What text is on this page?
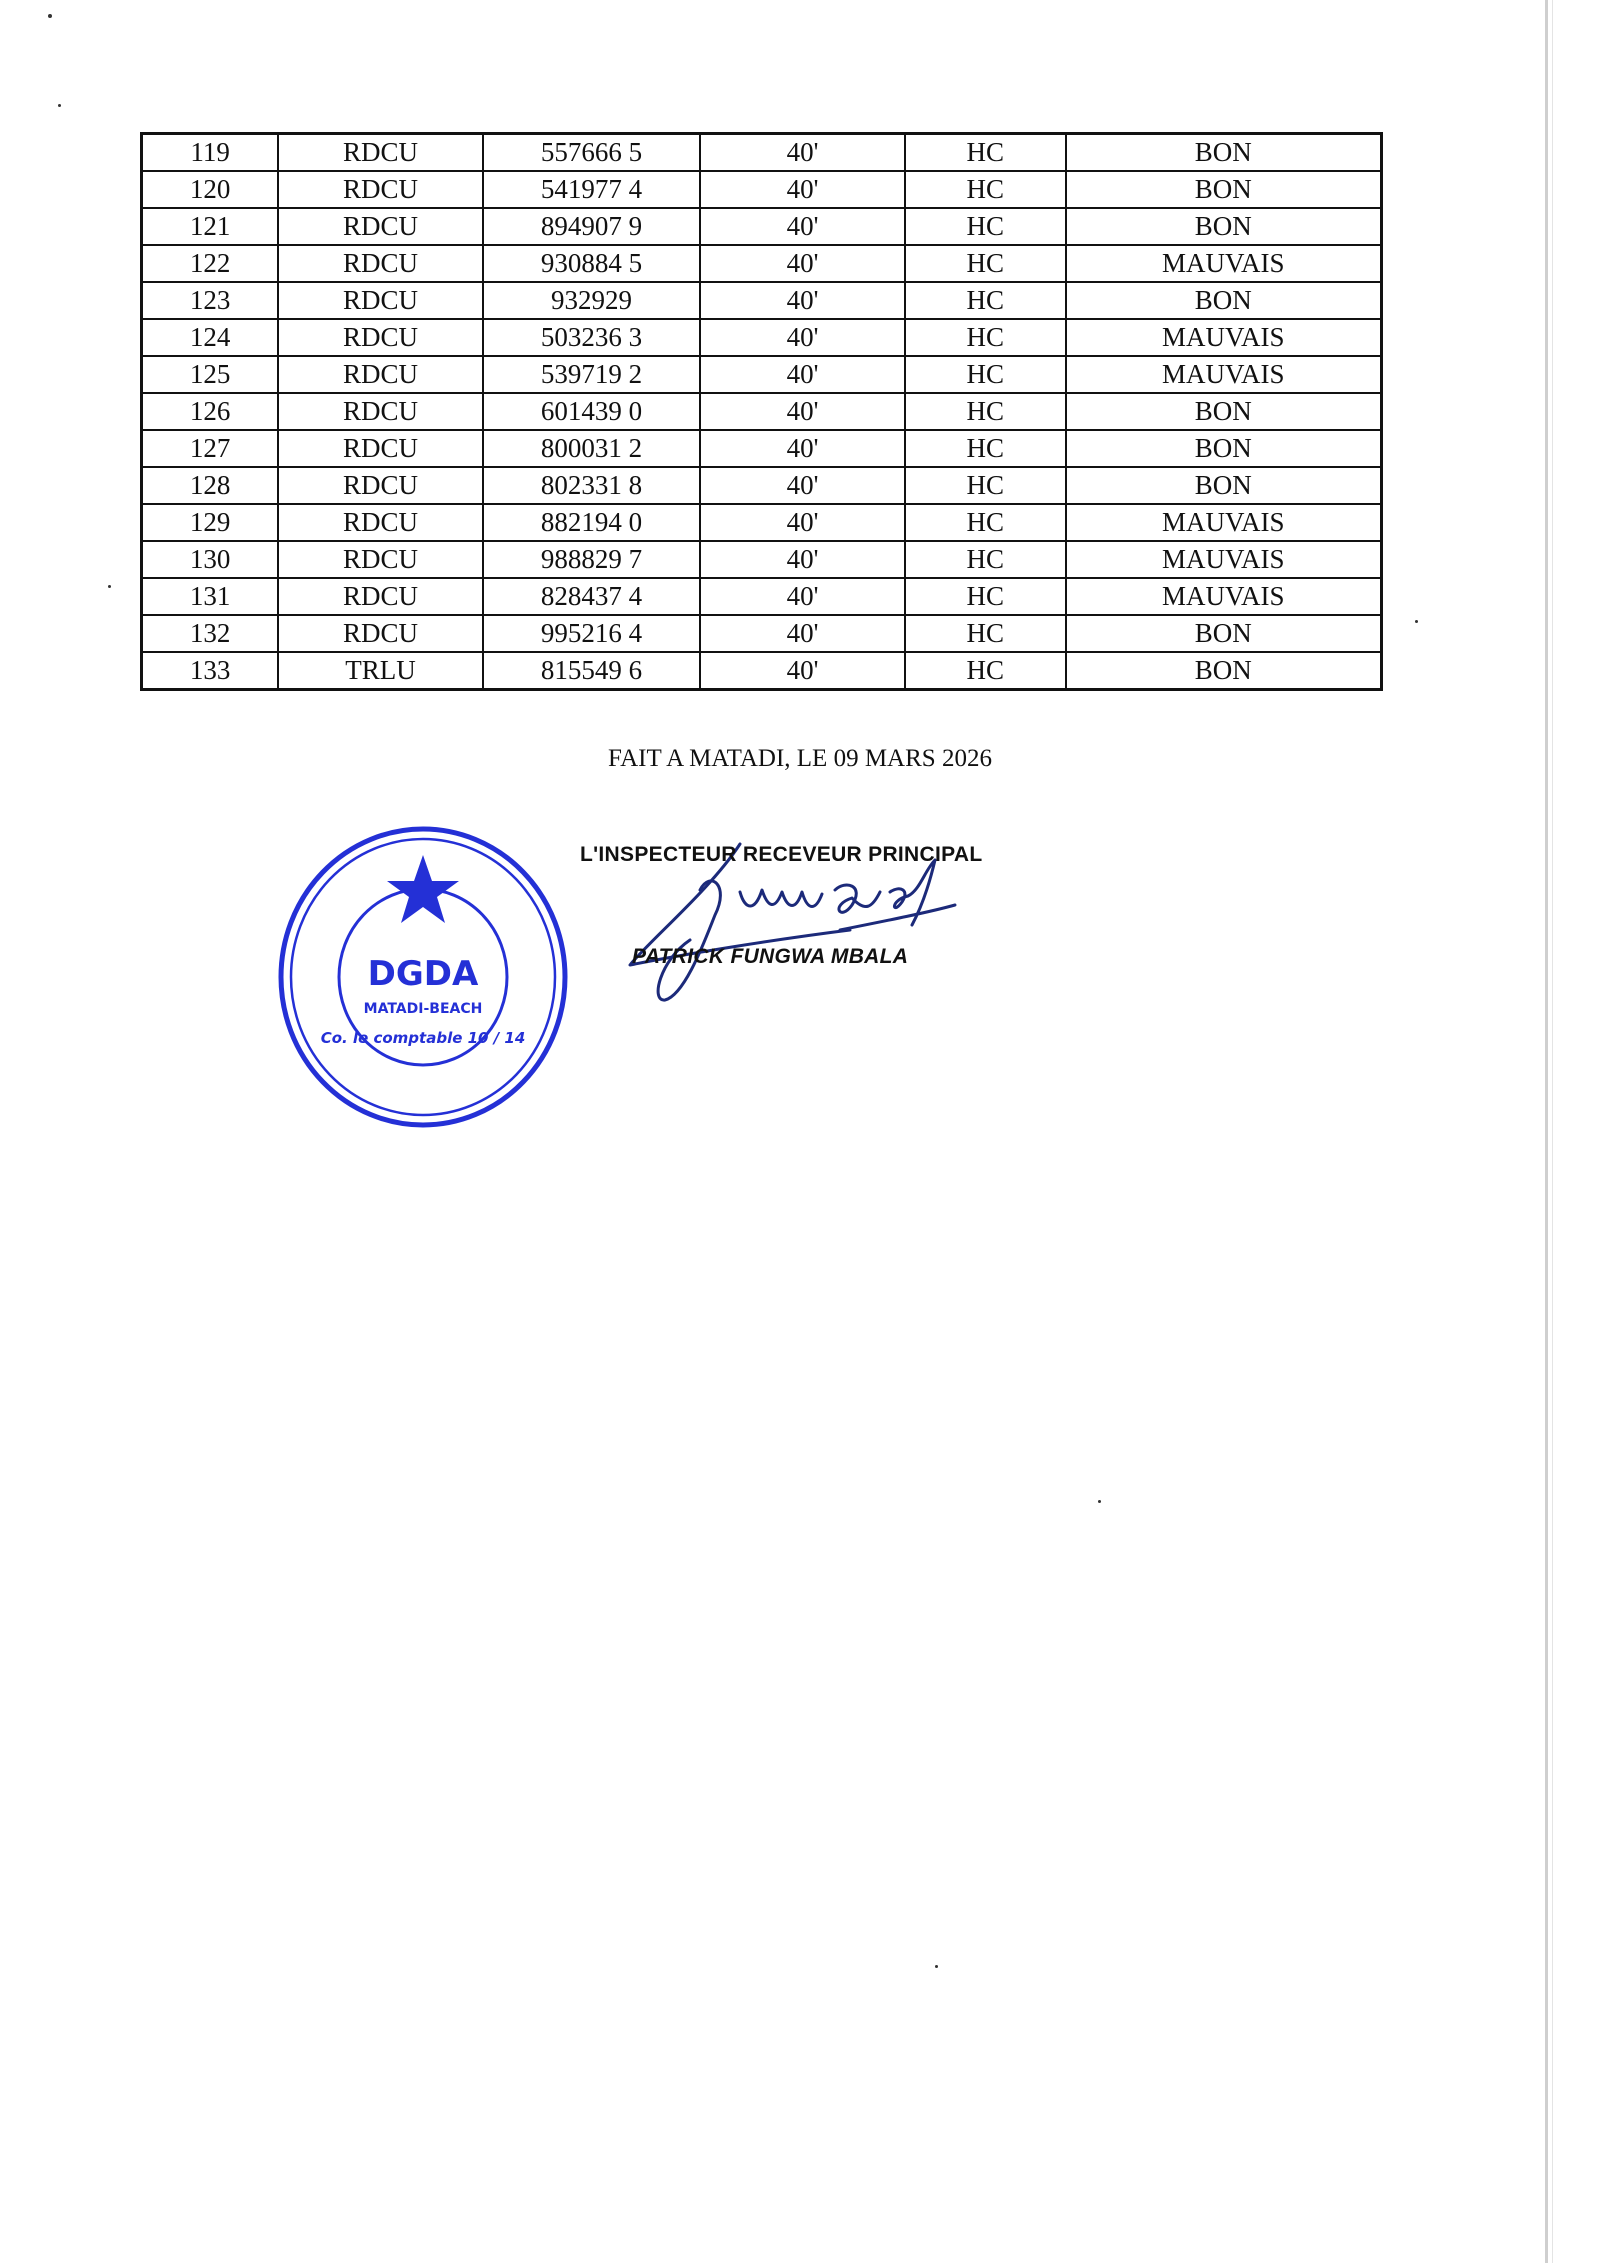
119	RDCU	557666 5	40'	HC	BON
120	RDCU	541977 4	40'	HC	BON
121	RDCU	894907 9	40'	HC	BON
122	RDCU	930884 5	40'	HC	MAUVAIS
123	RDCU	932929	40'	HC	BON
124	RDCU	503236 3	40'	HC	MAUVAIS
125	RDCU	539719 2	40'	HC	MAUVAIS
126	RDCU	601439 0	40'	HC	BON
127	RDCU	800031 2	40'	HC	BON
128	RDCU	802331 8	40'	HC	BON
129	RDCU	882194 0	40'	HC	MAUVAIS
130	RDCU	988829 7	40'	HC	MAUVAIS
131	RDCU	828437 4	40'	HC	MAUVAIS
132	RDCU	995216 4	40'	HC	BON
133	TRLU	815549 6	40'	HC	BON
FAIT A MATADI, LE 09 MARS 2026
DGDA
MATADI-BEACH
Co. le comptable 10 / 14
L'INSPECTEUR RECEVEUR PRINCIPAL
PATRICK FUNGWA MBALA
